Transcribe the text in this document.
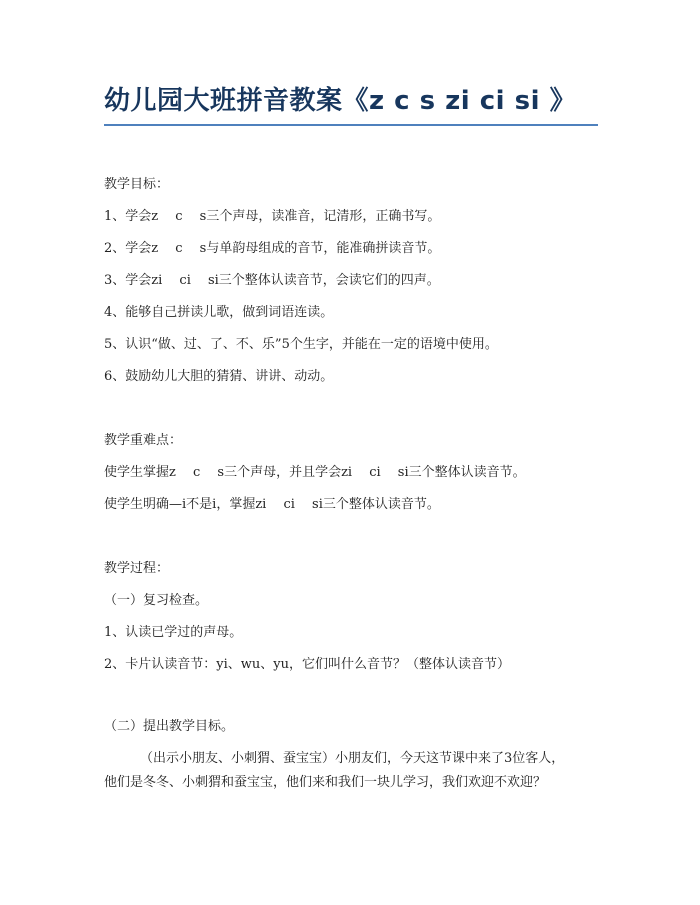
幼儿园大班拼音教案《z c s zi ci si 》

教学目标：

1、学会z　 c　 s三个声母，读准音，记清形，正确书写。

2、学会z　 c　 s与单韵母组成的音节，能准确拼读音节。

3、学会zi　 ci　 si三个整体认读音节，会读它们的四声。

4、能够自己拼读儿歌，做到词语连读。

5、认识“做、过、了、不、乐”5个生字，并能在一定的语境中使用。

6、鼓励幼儿大胆的猜猜、讲讲、动动。

教学重难点：

使学生掌握z　 c　 s三个声母，并且学会zi　 ci　 si三个整体认读音节。

使学生明确—i不是i，掌握zi　 ci　 si三个整体认读音节。

教学过程：

（一）复习检查。

1、认读已学过的声母。

2、卡片认读音节：yi、wu、yu，它们叫什么音节？（整体认读音节）

（二）提出教学目标。

（出示小朋友、小刺猬、蚕宝宝）小朋友们，今天这节课中来了3位客人，

他们是冬冬、小刺猬和蚕宝宝，他们来和我们一块儿学习，我们欢迎不欢迎？
